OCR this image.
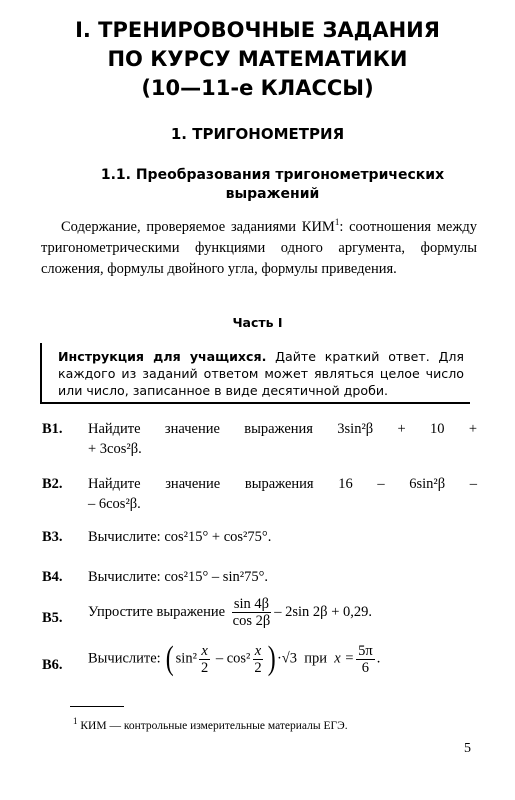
I. ТРЕНИРОВОЧНЫЕ ЗАДАНИЯ
ПО КУРСУ МАТЕМАТИКИ
(10—11-е КЛАССЫ)
1. ТРИГОНОМЕТРИЯ
1.1. Преобразования тригонометрических
выражений
Содержание, проверяемое заданиями КИМ$^1$: соотношения между тригонометрическими функциями одного аргумента, формулы сложения, формулы двойного угла, формулы приведения.
Часть I
Инструкция для учащихся. Дайте краткий ответ. Для каждого из заданий ответом может являться целое число или число, записанное в виде десятичной дроби.
В1. Найдите значение выражения 3sin²β + 10 +
+ 3cos²β.
В2. Найдите значение выражения 16 – 6sin²β –
– 6cos²β.
В3. Вычислите: cos²15° + cos²75°.
В4. Вычислите: cos²15° – sin²75°.
В5. Упростите выражение $\frac{\sin 4\beta}{\cos 2\beta} - 2\sin$ 2β + 0,29.
В6. Вычислите: ( $\sin^2 \frac{x}{2} - \cos^2 \frac{x}{2}$ ) ·√3 при $x = \frac{5\pi}{6}$ .
$^1$ КИМ — контрольные измерительные материалы ЕГЭ.
5
